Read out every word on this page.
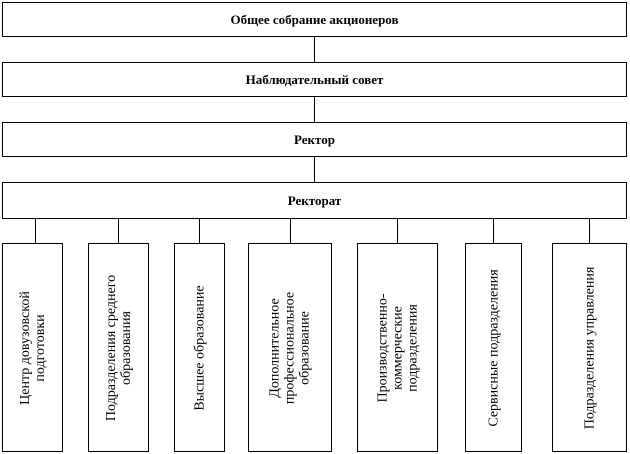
Общее собрание акционеров
Наблюдательный совет
Ректор
Ректорат
Центр довузовской
подготовки	Подразделения среднего
образования	Высшее образование	Дополнительное
профессиональное
образование	Производственно-
коммерческие
подразделения	Сервисные подразделения	Подразделения управления
